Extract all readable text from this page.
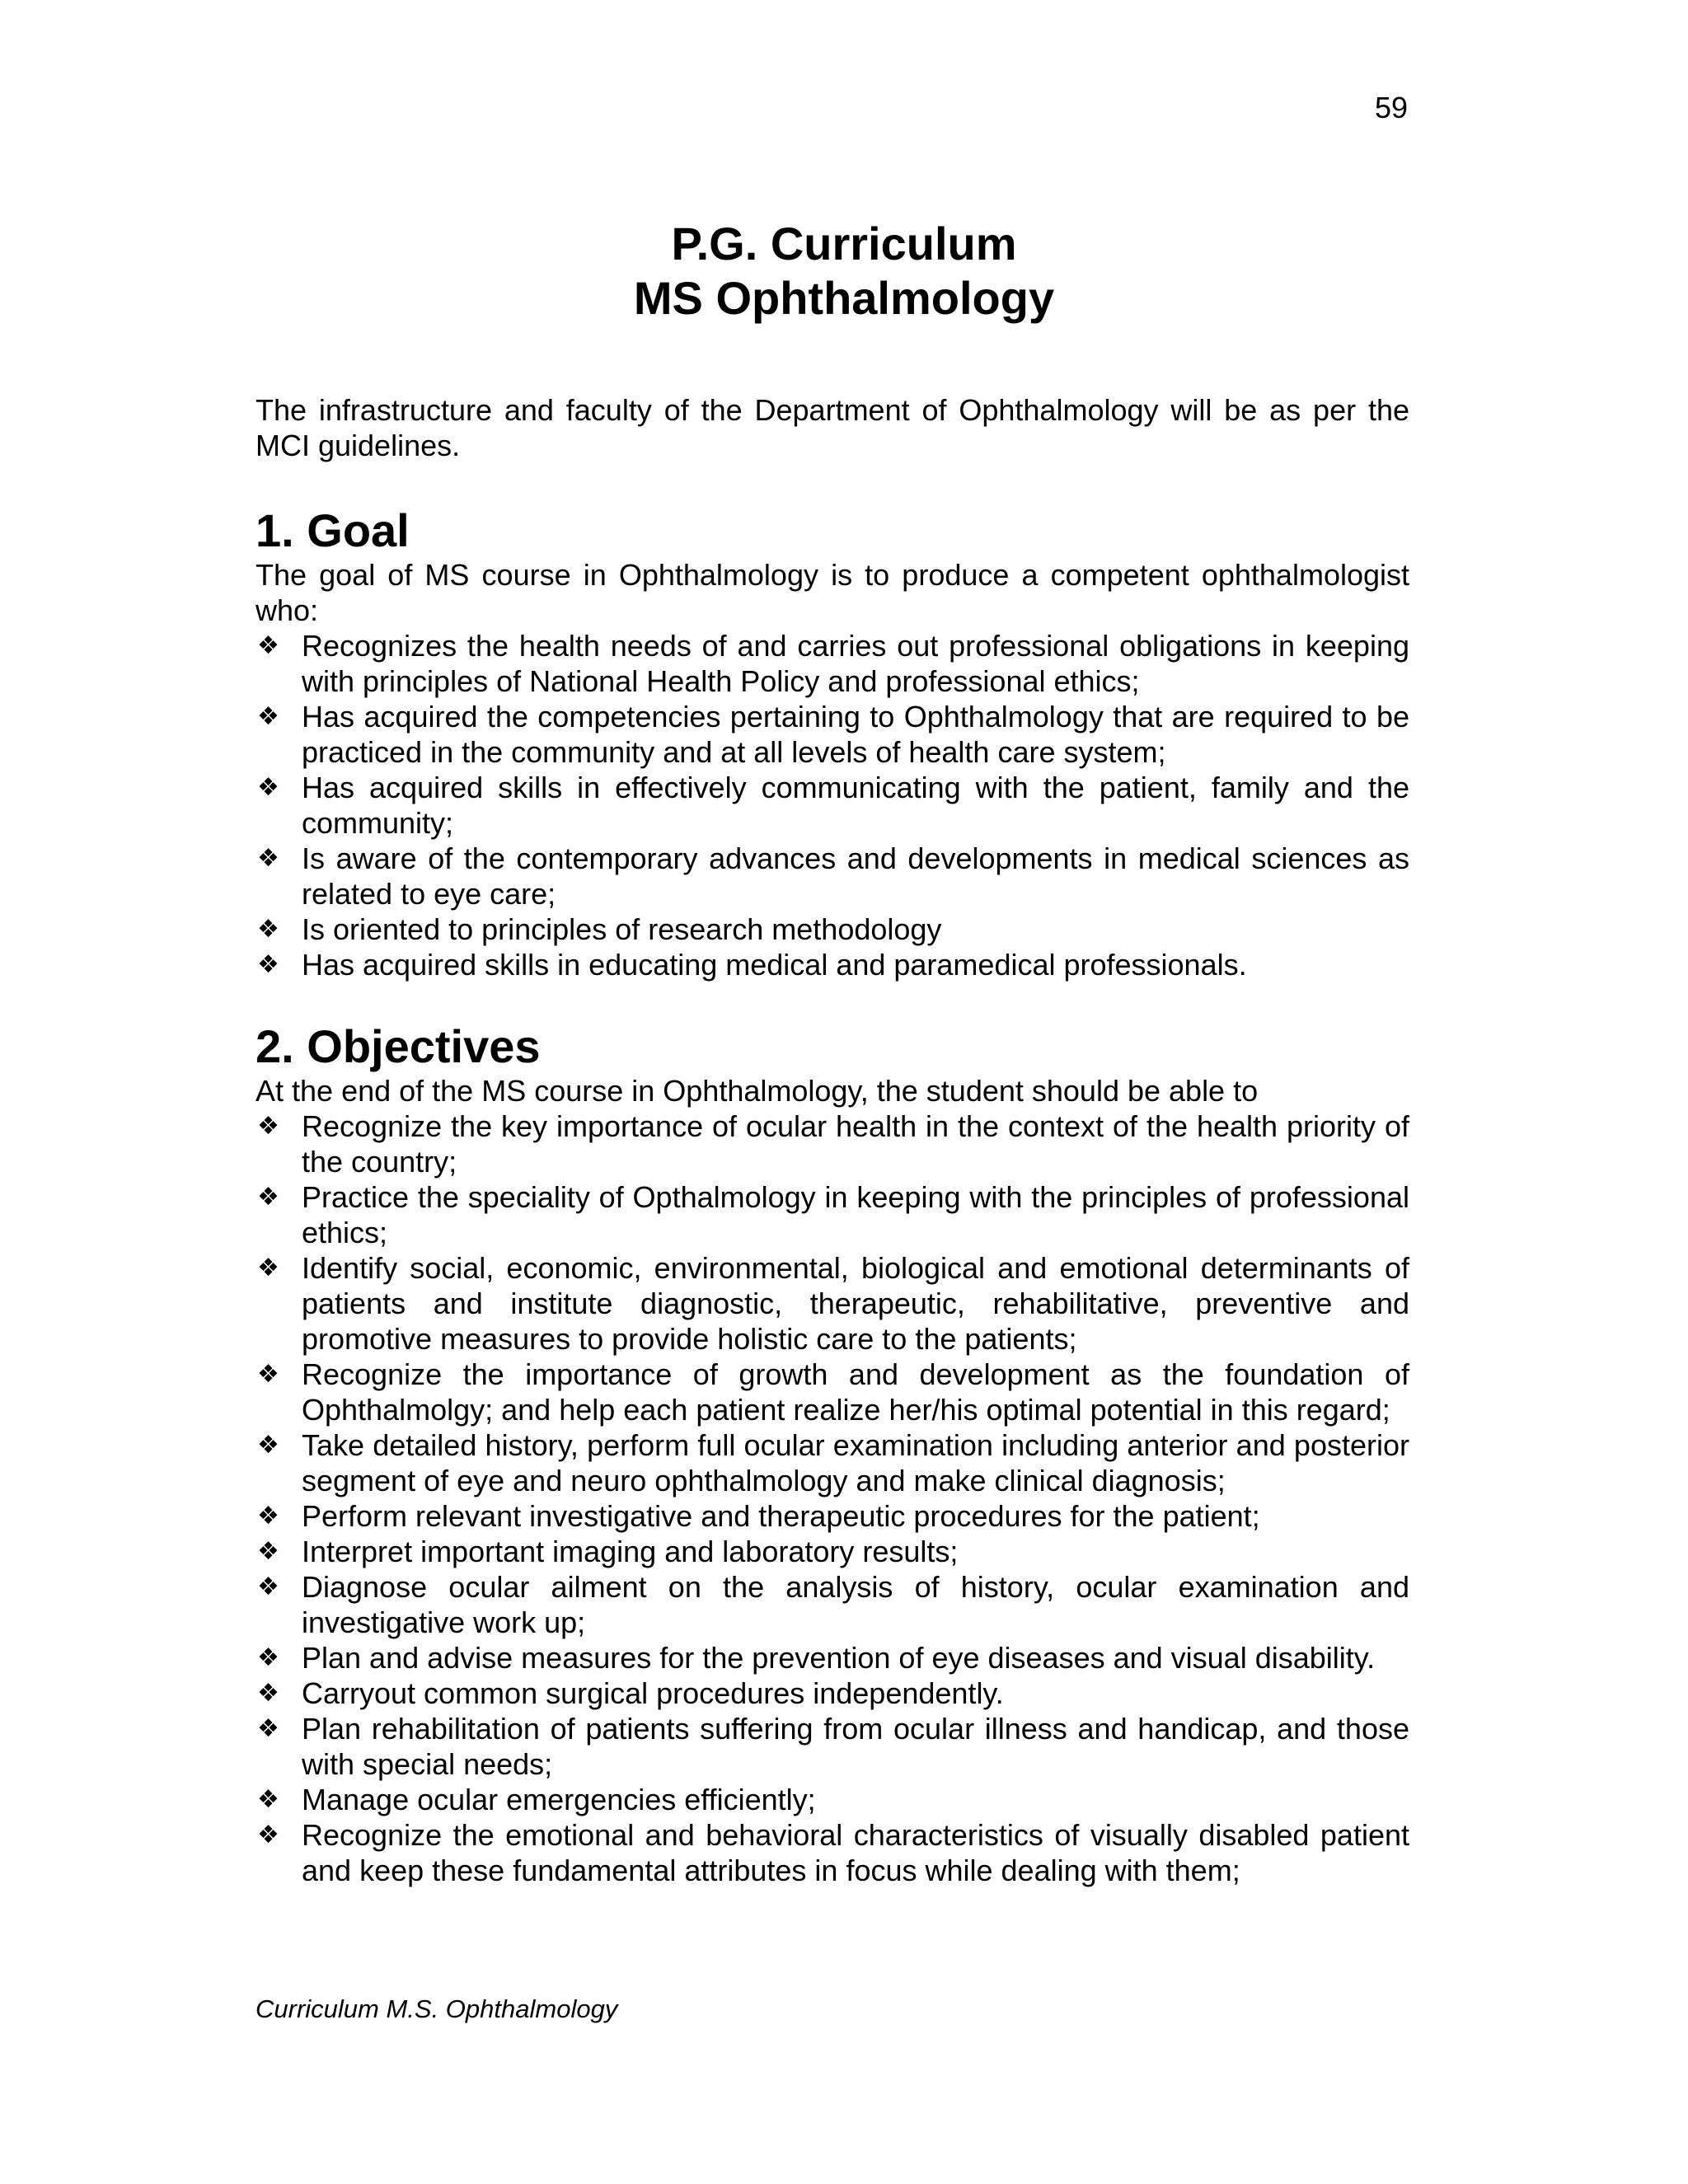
59
P.G. Curriculum
MS Ophthalmology

The infrastructure and faculty of the Department of Ophthalmology will be as per the MCI guidelines.

1. Goal

The goal of MS course in Ophthalmology is to produce a competent ophthalmologist who:

❖ Recognizes the health needs of and carries out professional obligations in keeping with principles of National Health Policy and professional ethics;
❖ Has acquired the competencies pertaining to Ophthalmology that are required to be practiced in the community and at all levels of health care system;
❖ Has acquired skills in effectively communicating with the patient, family and the community;
❖ Is aware of the contemporary advances and developments in medical sciences as related to eye care;
❖ Is oriented to principles of research methodology
❖ Has acquired skills in educating medical and paramedical professionals.
2. Objectives

At the end of the MS course in Ophthalmology, the student should be able to

❖ Recognize the key importance of ocular health in the context of the health priority of the country;
❖ Practice the speciality of Opthalmology in keeping with the principles of professional ethics;
❖ Identify social, economic, environmental, biological and emotional determinants of patients and institute diagnostic, therapeutic, rehabilitative, preventive and promotive measures to provide holistic care to the patients;
❖ Recognize the importance of growth and development as the foundation of Ophthalmolgy; and help each patient realize her/his optimal potential in this regard;
❖ Take detailed history, perform full ocular examination including anterior and posterior segment of eye and neuro ophthalmology and make clinical diagnosis;
❖ Perform relevant investigative and therapeutic procedures for the patient;
❖ Interpret important imaging and laboratory results;
❖ Diagnose ocular ailment on the analysis of history, ocular examination and investigative work up;
❖ Plan and advise measures for the prevention of eye diseases and visual disability.
❖ Carryout common surgical procedures independently.
❖ Plan rehabilitation of patients suffering from ocular illness and handicap, and those with special needs;
❖ Manage ocular emergencies efficiently;
❖ Recognize the emotional and behavioral characteristics of visually disabled patient and keep these fundamental attributes in focus while dealing with them;
Curriculum M.S. Ophthalmology
